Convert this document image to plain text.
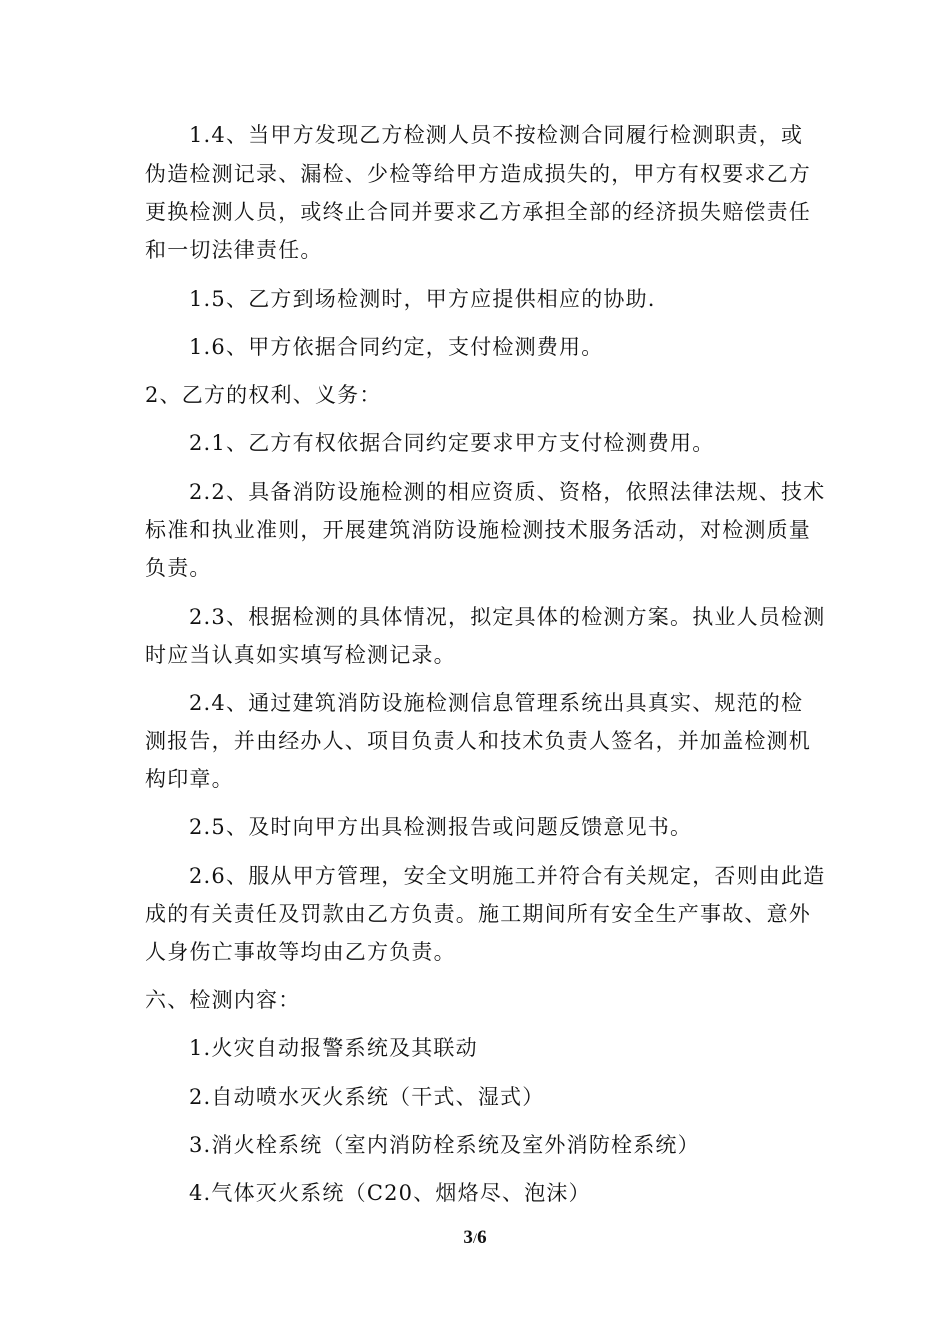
1.4、当甲方发现乙方检测人员不按检测合同履行检测职责，或
伪造检测记录、漏检、少检等给甲方造成损失的，甲方有权要求乙方
更换检测人员，或终止合同并要求乙方承担全部的经济损失赔偿责任
和一切法律责任。
1.5、乙方到场检测时，甲方应提供相应的协助.
1.6、甲方依据合同约定，支付检测费用。
2、乙方的权利、义务：
2.1、乙方有权依据合同约定要求甲方支付检测费用。
2.2、具备消防设施检测的相应资质、资格，依照法律法规、技术
标准和执业准则，开展建筑消防设施检测技术服务活动，对检测质量
负责。
2.3、根据检测的具体情况，拟定具体的检测方案。执业人员检测
时应当认真如实填写检测记录。
2.4、通过建筑消防设施检测信息管理系统出具真实、规范的检
测报告，并由经办人、项目负责人和技术负责人签名，并加盖检测机
构印章。
2.5、及时向甲方出具检测报告或问题反馈意见书。
2.6、服从甲方管理，安全文明施工并符合有关规定，否则由此造
成的有关责任及罚款由乙方负责。施工期间所有安全生产事故、意外
人身伤亡事故等均由乙方负责。
六、检测内容：
1.火灾自动报警系统及其联动
2.自动喷水灭火系统（干式、湿式）
3.消火栓系统（室内消防栓系统及室外消防栓系统）
4.气体灭火系统（C20、烟烙尽、泡沫）
3/6
